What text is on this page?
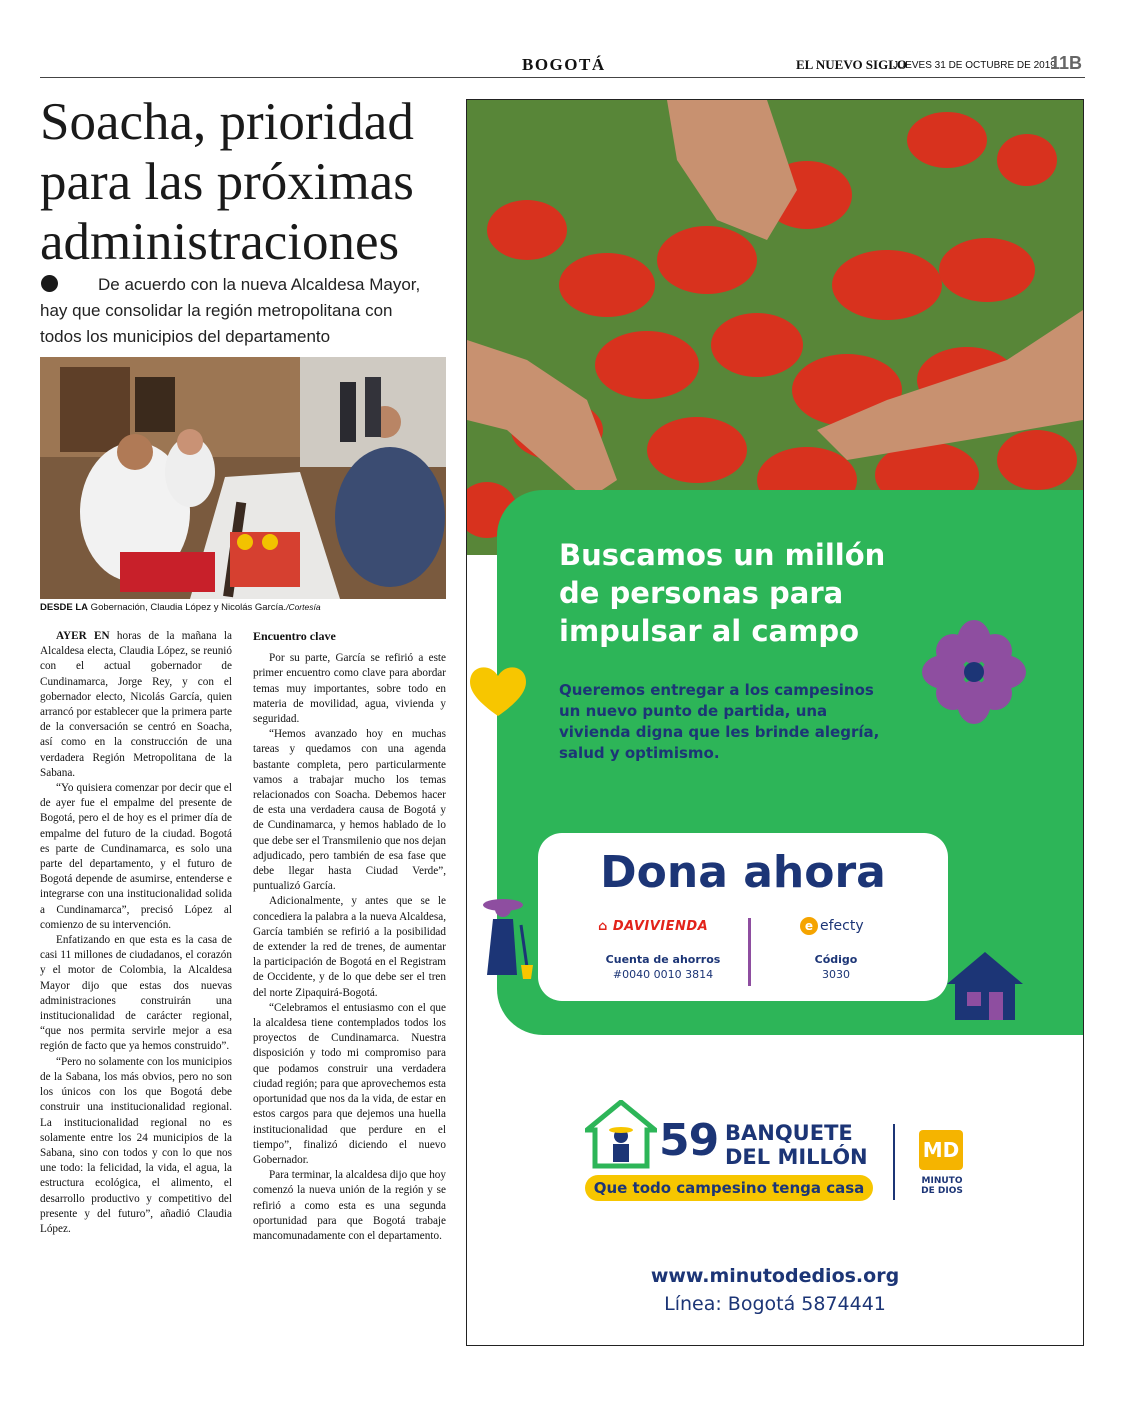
BOGOTÁ	EL NUEVO SIGLO
JUEVES 31 DE OCTUBRE DE 2019
11B
Soacha, prioridad
para las próximas
administraciones
De acuerdo con la nueva Alcaldesa Mayor,
hay que consolidar la región metropolitana con
todos los municipios del departamento
DESDE LA Gobernación, Claudia López y Nicolás García./Cortesía

AYER EN horas de la mañana la Alcaldesa electa, Claudia López, se reunió con el actual gobernador de Cundinamarca, Jorge Rey, y con el gobernador electo, Nicolás García, quien arrancó por establecer que la primera parte de la conversación se centró en Soacha, así como en la construcción de una verdadera Región Metropolitana de la Sabana.

“Yo quisiera comenzar por decir que el de ayer fue el empalme del presente de Bogotá, pero el de hoy es el primer día de empalme del futuro de la ciudad. Bogotá es parte de Cundinamarca, es solo una parte del departamento, y el futuro de Bogotá depende de asumirse, entenderse e integrarse con una institucionalidad solida a Cundinamarca”, precisó López al comienzo de su intervención.

Enfatizando en que esta es la casa de casi 11 millones de ciudadanos, el corazón y el motor de Colombia, la Alcaldesa Mayor dijo que estas dos nuevas administraciones construirán una institucionalidad de carácter regional, “que nos permita servirle mejor a esa región de facto que ya hemos construido”.

“Pero no solamente con los municipios de la Sabana, los más obvios, pero no son los únicos con los que Bogotá debe construir una institucionalidad regional. La institucionalidad regional no es solamente entre los 24 municipios de la Sabana, sino con todos y con lo que nos une todo: la felicidad, la vida, el agua, la estructura ecológica, el alimento, el desarrollo productivo y competitivo del presente y del futuro”, añadió Claudia López.

Encuentro clave

Por su parte, García se refirió a este primer encuentro como clave para abordar temas muy importantes, sobre todo en materia de movilidad, agua, vivienda y seguridad.

“Hemos avanzado hoy en muchas tareas y quedamos con una agenda bastante completa, pero particularmente vamos a trabajar mucho los temas relacionados con Soacha. Debemos hacer de esta una verdadera causa de Bogotá y de Cundinamarca, y hemos hablado de lo que debe ser el Transmilenio que nos dejan adjudicado, pero también de esa fase que debe llegar hasta Ciudad Verde”, puntualizó García.

Adicionalmente, y antes que se le concediera la palabra a la nueva Alcaldesa, García también se refirió a la posibilidad de extender la red de trenes, de aumentar la participación de Bogotá en el Registram de Occidente, y de lo que debe ser el tren del norte Zipaquirá-Bogotá.

“Celebramos el entusiasmo con el que la alcaldesa tiene contemplados todos los proyectos de Cundinamarca. Nuestra disposición y todo mi compromiso para que podamos construir una verdadera ciudad región; para que aprovechemos esta oportunidad que nos da la vida, de estar en estos cargos para que dejemos una huella institucionalidad que perdure en el tiempo”, finalizó diciendo el nuevo Gobernador.

Para terminar, la alcaldesa dijo que hoy comenzó la nueva unión de la región y se refirió a como esta es una segunda oportunidad para que Bogotá trabaje mancomunadamente con el departamento.

Buscamos un millón
de personas para
impulsar al campo
Queremos entregar a los campesinos
un nuevo punto de partida, una
vivienda digna que les brinde alegría,
salud y optimismo.
Dona ahora
⌂ DAVIVIENDA
Cuenta de ahorros
#0040 0010 3814
e efecty
Código
3030
59 BANQUETE
DEL MILLÓN
Que todo campesino tenga casa
MD
MINUTO
DE DIOS
www.minutodedios.org
Línea: Bogotá 5874441
